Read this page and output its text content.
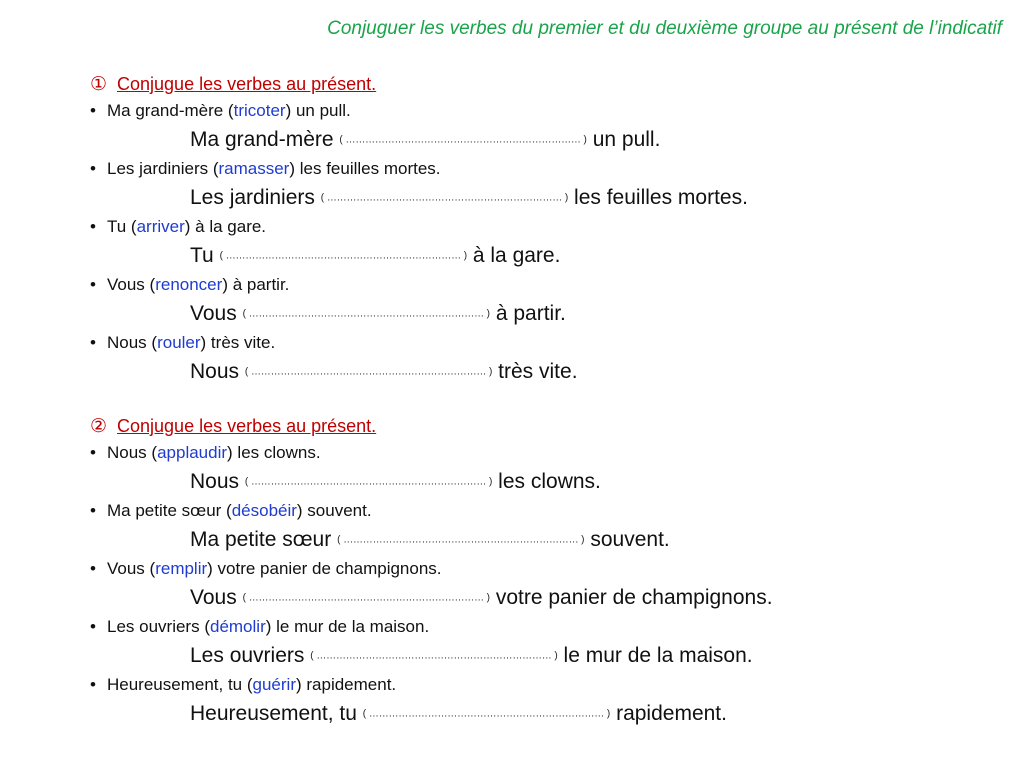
Conjuguer les verbes du premier et du deuxième groupe au présent de l’indicatif
① Conjugue les verbes au présent.
• Ma grand-mère (tricoter) un pull.
Ma grand-mère ( ……………………………………………………………… ) un pull.
• Les jardiniers (ramasser) les feuilles mortes.
Les jardiniers ( ……………………………………………………………… ) les feuilles mortes.
• Tu (arriver) à la gare.
Tu ( ……………………………………………………………… ) à la gare.
• Vous (renoncer) à partir.
Vous ( ……………………………………………………………… ) à partir.
• Nous (rouler) très vite.
Nous ( ……………………………………………………………… ) très vite.
② Conjugue les verbes au présent.
• Nous (applaudir) les clowns.
Nous ( ……………………………………………………………… ) les clowns.
• Ma petite sœur (désobéir) souvent.
Ma petite sœur ( ……………………………………………………………… ) souvent.
• Vous (remplir) votre panier de champignons.
Vous ( ……………………………………………………………… ) votre panier de champignons.
• Les ouvriers (démolir) le mur de la maison.
Les ouvriers ( ……………………………………………………………… ) le mur de la maison.
• Heureusement, tu (guérir) rapidement.
Heureusement, tu ( ……………………………………………………………… ) rapidement.
